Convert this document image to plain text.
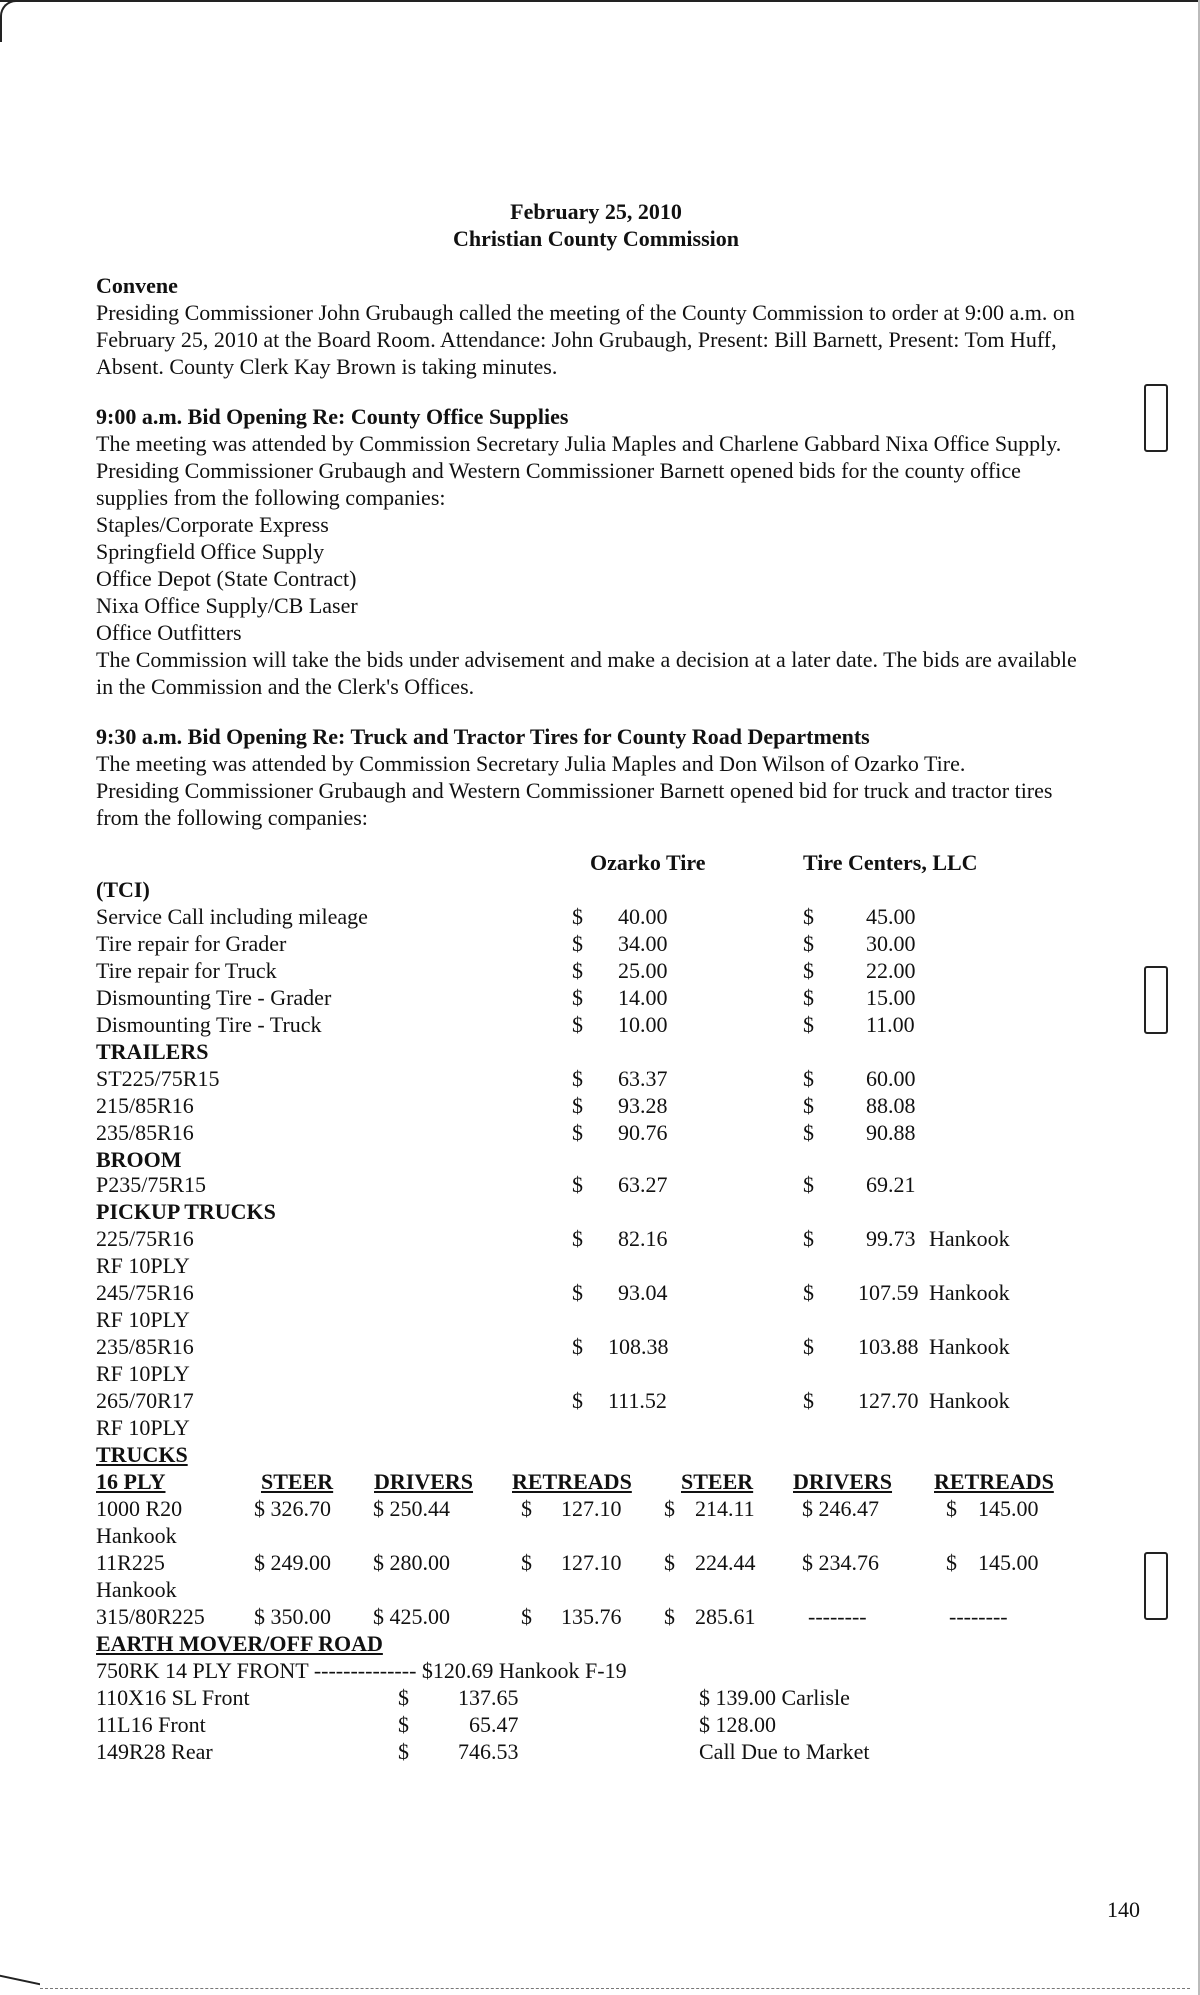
February 25, 2010

Christian County Commission

Convene

Presiding Commissioner John Grubaugh called the meeting of the County Commission to order at 9:00 a.m. on February 25, 2010 at the Board Room. Attendance: John Grubaugh, Present: Bill Barnett, Present: Tom Huff, Absent. County Clerk Kay Brown is taking minutes.

9:00 a.m. Bid Opening Re: County Office Supplies

The meeting was attended by Commission Secretary Julia Maples and Charlene Gabbard Nixa Office Supply.

Presiding Commissioner Grubaugh and Western Commissioner Barnett opened bids for the county office supplies from the following companies:

Staples/Corporate Express

Springfield Office Supply

Office Depot (State Contract)

Nixa Office Supply/CB Laser

Office Outfitters

The Commission will take the bids under advisement and make a decision at a later date. The bids are available in the Commission and the Clerk's Offices.

9:30 a.m. Bid Opening Re: Truck and Tractor Tires for County Road Departments

The meeting was attended by Commission Secretary Julia Maples and Don Wilson of Ozarko Tire.

Presiding Commissioner Grubaugh and Western Commissioner Barnett opened bid for truck and tractor tires from the following companies:

Ozarko Tire	Tire Centers, LLC
(TCI)
Service Call including mileage	$ 40.00	$ 45.00
Tire repair for Grader	$ 34.00	$ 30.00
Tire repair for Truck	$ 25.00	$ 22.00
Dismounting Tire - Grader	$ 14.00	$ 15.00
Dismounting Tire - Truck	$ 10.00	$ 11.00
TRAILERS
ST225/75R15	$ 63.37	$ 60.00
215/85R16	$ 93.28	$ 88.08
235/85R16	$ 90.76	$ 90.88
BROOM
P235/75R15	$ 63.27	$ 69.21
PICKUP TRUCKS
225/75R16	$ 82.16	$ 99.73 Hankook
RF 10PLY
245/75R16	$ 93.04	$ 107.59 Hankook
RF 10PLY
235/85R16	$ 108.38	$ 103.88 Hankook
RF 10PLY
265/70R17	$ 111.52	$ 127.70 Hankook
RF 10PLY
TRUCKS
16 PLY	STEER DRIVERS RETREADS STEER DRIVERS RETREADS
1000 R20	$ 326.70 $ 250.44	$ 127.10 $ 214.11 $ 246.47	$ 145.00
Hankook
11R225	$ 249.00 $ 280.00	$ 127.10 $ 224.44 $ 234.76	$ 145.00
Hankook
315/80R225 $ 350.00 $ 425.00	$ 135.76 $ 285.61 --------	--------
EARTH MOVER/OFF ROAD
750RK 14 PLY FRONT -------------- $120.69 Hankook F-19
110X16 SL Front	$ 137.65	$ 139.00 Carlisle
11L16 Front	$	65.47	$ 128.00
149R28 Rear	$ 746.53	Call Due to Market
140
